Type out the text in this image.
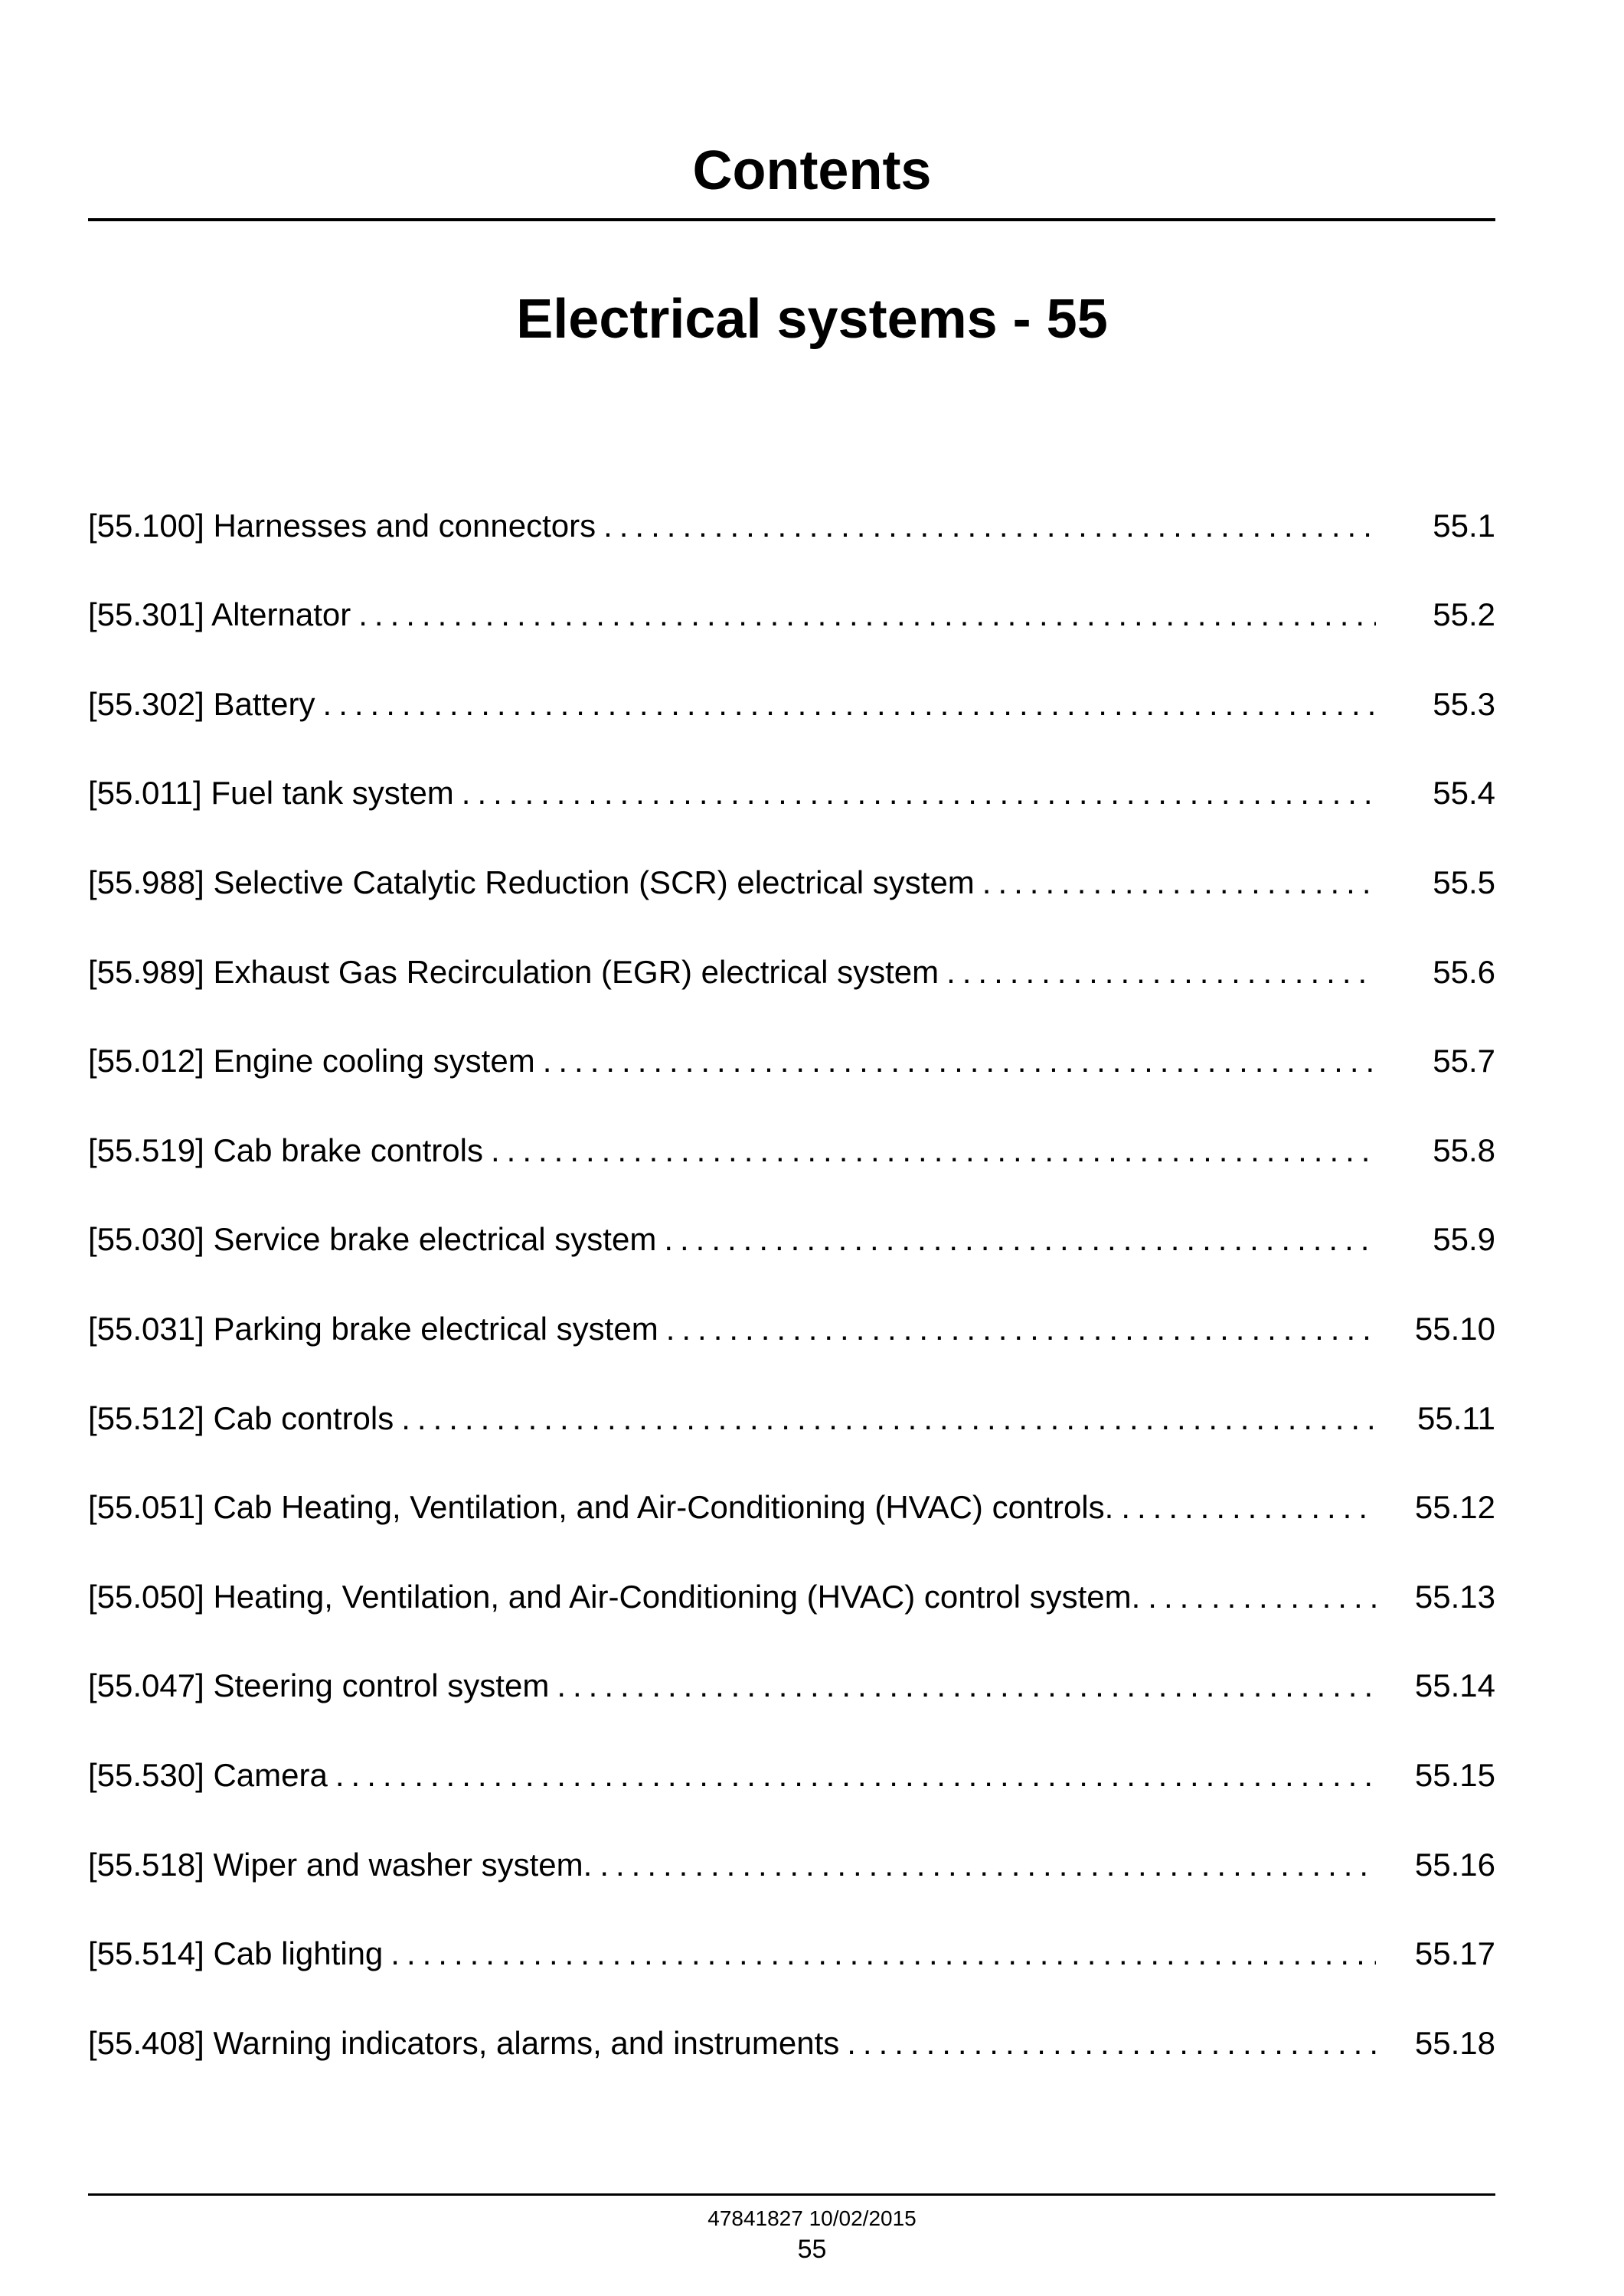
Contents
Electrical systems - 55
[55.100] Harnesses and connectors .....	55.1
[55.301] Alternator .....	55.2
[55.302] Battery .....	55.3
[55.011] Fuel tank system .....	55.4
[55.988] Selective Catalytic Reduction (SCR) electrical system .....	55.5
[55.989] Exhaust Gas Recirculation (EGR) electrical system .....	55.6
[55.012] Engine cooling system .....	55.7
[55.519] Cab brake controls .....	55.8
[55.030] Service brake electrical system .....	55.9
[55.031] Parking brake electrical system .....	55.10
[55.512] Cab controls .....	55.11
[55.051] Cab Heating, Ventilation, and Air-Conditioning (HVAC) controls. .....	55.12
[55.050] Heating, Ventilation, and Air-Conditioning (HVAC) control system. .....	55.13
[55.047] Steering control system .....	55.14
[55.530] Camera .....	55.15
[55.518] Wiper and washer system. .....	55.16
[55.514] Cab lighting .....	55.17
[55.408] Warning indicators, alarms, and instruments .....	55.18
47841827 10/02/2015
55
